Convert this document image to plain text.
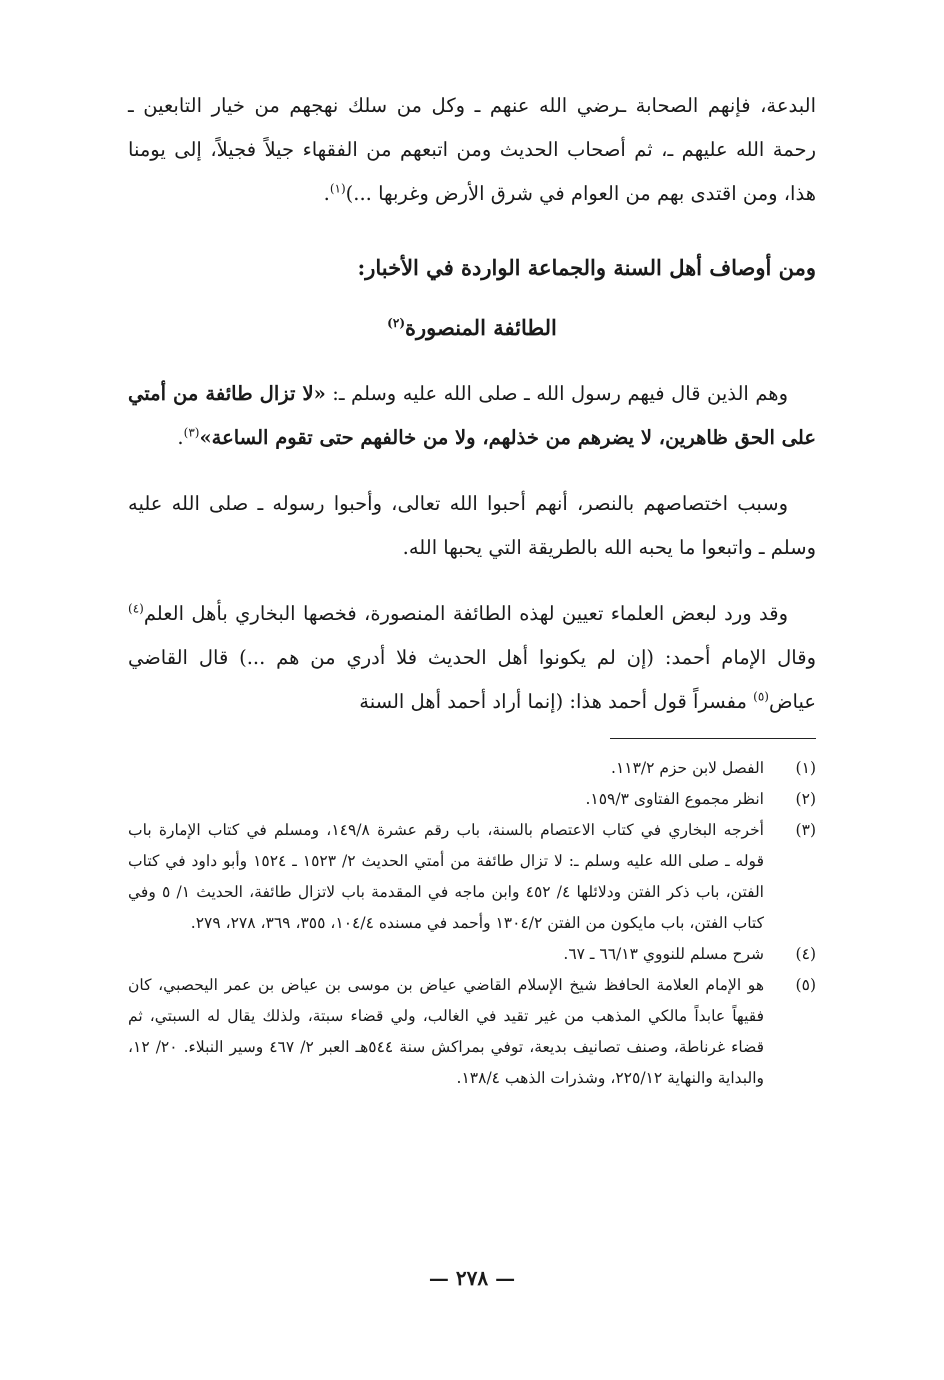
البدعة، فإنهم الصحابة ـرضي الله عنهم ـ وكل من سلك نهجهم من خيار التابعين ـ رحمة الله عليهم ـ، ثم أصحاب الحديث ومن اتبعهم من الفقهاء جيلاً فجيلاً، إلى يومنا هذا، ومن اقتدى بهم من العوام في شرق الأرض وغربها ...)$^{(١)}$.

ومن أوصاف أهل السنة والجماعة الواردة في الأخبار:
الطائفة المنصورة$^{(٢)}$

وهم الذين قال فيهم رسول الله ـ صلى الله عليه وسلم ـ: «لا تزال طائفة من أمتي على الحق ظاهرين، لا يضرهم من خذلهم، ولا من خالفهم حتى تقوم الساعة»$^{(٣)}$.

وسبب اختصاصهم بالنصر، أنهم أحبوا الله تعالى، وأحبوا رسوله ـ صلى الله عليه وسلم ـ واتبعوا ما يحبه الله بالطريقة التي يحبها الله.

وقد ورد لبعض العلماء تعيين لهذه الطائفة المنصورة، فخصها البخاري بأهل العلم$^{(٤)}$ وقال الإمام أحمد: (إن لم يكونوا أهل الحديث فلا أدري من هم ...) قال القاضي عياض$^{(٥)}$ مفسراً قول أحمد هذا: (إنما أراد أحمد أهل السنة

(١)
الفصل لابن حزم ١١٣/٢.
(٢)
انظر مجموع الفتاوى ١٥٩/٣.
(٣)
أخرجه البخاري في كتاب الاعتصام بالسنة، باب رقم عشرة ١٤٩/٨، ومسلم في كتاب الإمارة باب قوله ـ صلى الله عليه وسلم ـ: لا تزال طائفة من أمتي الحديث ٢/ ١٥٢٣ ـ ١٥٢٤ وأبو داود في كتاب الفتن، باب ذكر الفتن ودلائلها ٤/ ٤٥٢ وابن ماجه في المقدمة باب لاتزال طائفة، الحديث ١/ ٥ وفي كتاب الفتن، باب مايكون من الفتن ١٣٠٤/٢ وأحمد في مسنده ١٠٤/٤، ٣٥٥، ٣٦٩، ٢٧٨، ٢٧٩.
(٤)
شرح مسلم للنووي ٦٦/١٣ ـ ٦٧.
(٥)
هو الإمام العلامة الحافظ شيخ الإسلام القاضي عياض بن موسى بن عياض بن عمر اليحصبي، كان فقيهاً عابداً مالكي المذهب من غير تقيد في الغالب، ولي قضاء سبتة، ولذلك يقال له السبتي، ثم قضاء غرناطة، وصنف تصانيف بديعة، توفي بمراكش سنة ٥٤٤هـ العبر ٢/ ٤٦٧ وسير النبلاء. ٢٠/ ١٢، والبداية والنهاية ٢٢٥/١٢، وشذرات الذهب ١٣٨/٤.
— ٢٧٨ —
